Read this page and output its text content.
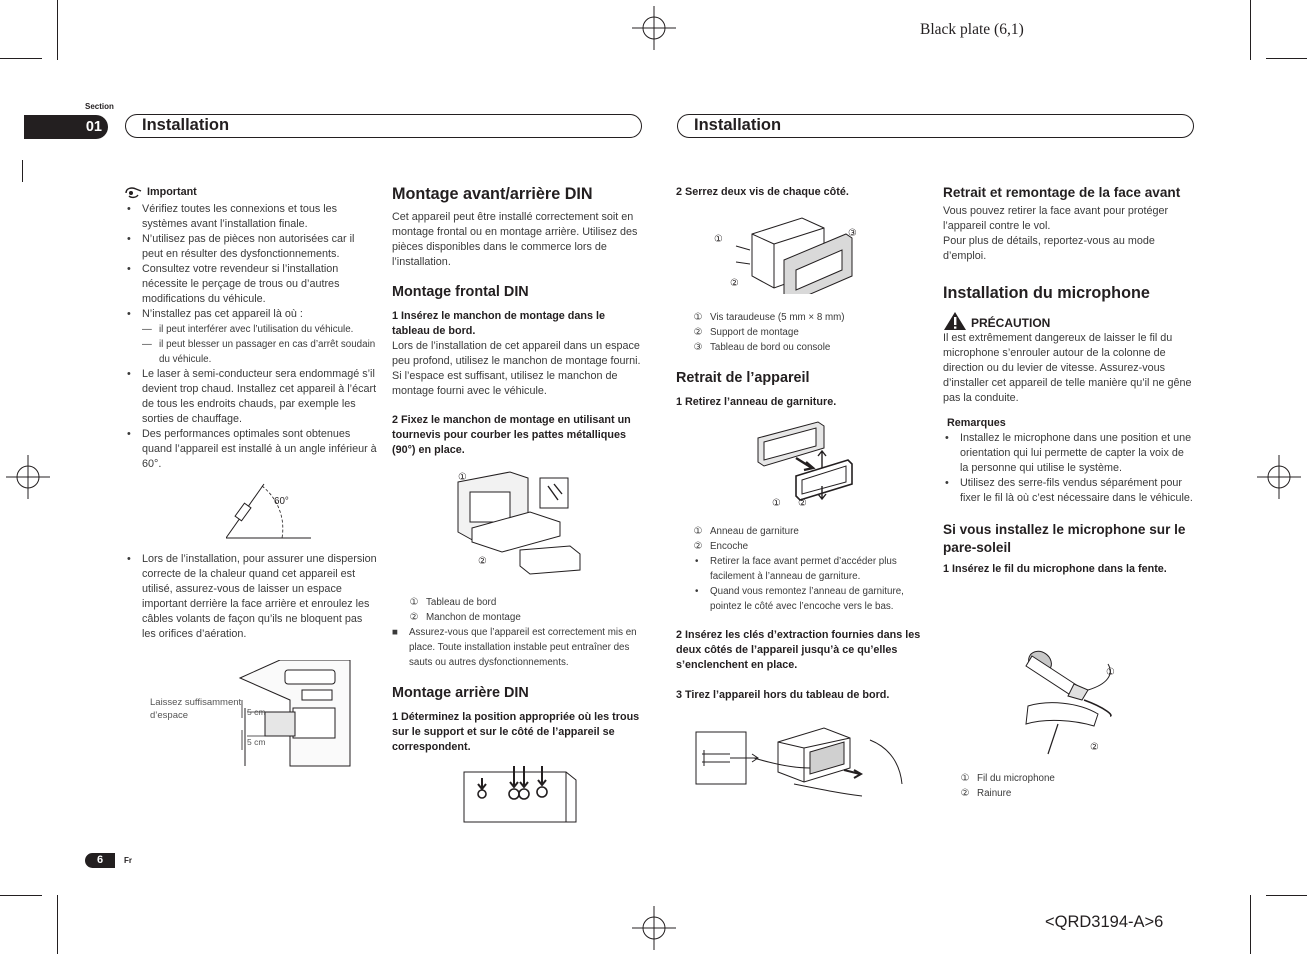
Black plate (6,1)
<QRD3194-A>6
Section
01	Installation	Installation
6	Fr
Important
• Vérifiez toutes les connexions et tous les systèmes avant l’installation finale.
• N’utilisez pas de pièces non autorisées car il peut en résulter des dysfonctionnements.
• Consultez votre revendeur si l’installation nécessite le perçage de trous ou d’autres modifications du véhicule.
• N’installez pas cet appareil là où :
— il peut interférer avec l’utilisation du véhicule.
— il peut blesser un passager en cas d’arrêt soudain du véhicule.
• Le laser à semi-conducteur sera endommagé s’il devient trop chaud. Installez cet appareil à l’écart de tous les endroits chauds, par exemple les sorties de chauffage.
• Des performances optimales sont obtenues quand l’appareil est installé à un angle inférieur à 60°.
60°
• Lors de l’installation, pour assurer une dispersion correcte de la chaleur quand cet appareil est utilisé, assurez-vous de laisser un espace important derrière la face arrière et enroulez les câbles volants de façon qu’ils ne bloquent pas les orifices d’aération.
Laissez suffisamment
d’espace	5 cm
5 cm
Montage avant/arrière DIN

Cet appareil peut être installé correctement soit en montage frontal ou en montage arrière. Utilisez des pièces disponibles dans le commerce lors de l’installation.

Montage frontal DIN
1 Insérez le manchon de montage dans le tableau de bord.

Lors de l’installation de cet appareil dans un espace peu profond, utilisez le manchon de montage fourni. Si l’espace est suffisant, utilisez le manchon de montage fourni avec le véhicule.

2 Fixez le manchon de montage en utilisant un tournevis pour courber les pattes métalliques (90°) en place.
①
②
① Tableau de bord
② Manchon de montage

■ Assurez-vous que l’appareil est correctement mis en place. Toute installation instable peut entraîner des sauts ou autres dysfonctionnements.

Montage arrière DIN
1 Déterminez la position appropriée où les trous sur le support et sur le côté de l’appareil se correspondent.
2 Serrez deux vis de chaque côté.
①
②
③
① Vis taraudeuse (5 mm × 8 mm)
② Support de montage
③ Tableau de bord ou console
Retrait de l’appareil
1 Retirez l’anneau de garniture.
① ②
① Anneau de garniture
② Encoche
• Retirer la face avant permet d’accéder plus facilement à l’anneau de garniture.
• Quand vous remontez l’anneau de garniture, pointez le côté avec l’encoche vers le bas.
2 Insérez les clés d’extraction fournies dans les deux côtés de l’appareil jusqu’à ce qu’elles s’enclenchent en place.
3 Tirez l’appareil hors du tableau de bord.
Retrait et remontage de la face avant

Vous pouvez retirer la face avant pour protéger l’appareil contre le vol.

Pour plus de détails, reportez-vous au mode d’emploi.

Installation du microphone
PRÉCAUTION

Il est extrêmement dangereux de laisser le fil du microphone s’enrouler autour de la colonne de direction ou du levier de vitesse. Assurez-vous d’installer cet appareil de telle manière qu’il ne gêne pas la conduite.

Remarques
• Installez le microphone dans une position et une orientation qui lui permette de capter la voix de la personne qui utilise le système.
• Utilisez des serre-fils vendus séparément pour fixer le fil là où c’est nécessaire dans le véhicule.
Si vous installez le microphone sur le pare-soleil
1 Insérez le fil du microphone dans la fente.
①
②
① Fil du microphone
② Rainure
